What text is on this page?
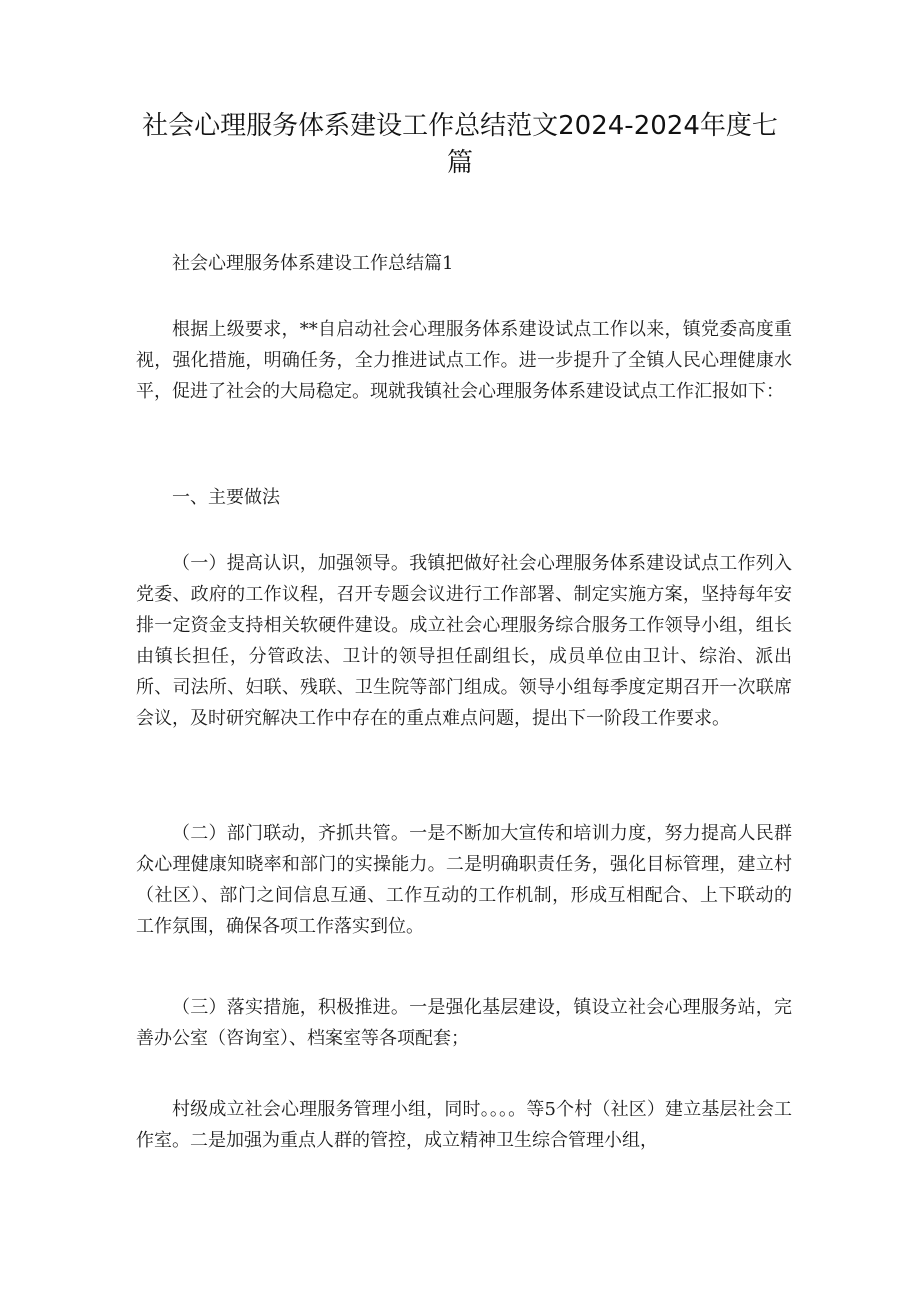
社会心理服务体系建设工作总结范文2024-2024年度七篇

社会心理服务体系建设工作总结篇1

根据上级要求，**自启动社会心理服务体系建设试点工作以来，镇党委高度重视，强化措施，明确任务，全力推进试点工作。进一步提升了全镇人民心理健康水平，促进了社会的大局稳定。现就我镇社会心理服务体系建设试点工作汇报如下：

一、主要做法

（一）提高认识，加强领导。我镇把做好社会心理服务体系建设试点工作列入党委、政府的工作议程，召开专题会议进行工作部署、制定实施方案，坚持每年安排一定资金支持相关软硬件建设。成立社会心理服务综合服务工作领导小组，组长由镇长担任，分管政法、卫计的领导担任副组长，成员单位由卫计、综治、派出所、司法所、妇联、残联、卫生院等部门组成。领导小组每季度定期召开一次联席会议，及时研究解决工作中存在的重点难点问题，提出下一阶段工作要求。

（二）部门联动，齐抓共管。一是不断加大宣传和培训力度，努力提高人民群众心理健康知晓率和部门的实操能力。二是明确职责任务，强化目标管理，建立村（社区）、部门之间信息互通、工作互动的工作机制，形成互相配合、上下联动的工作氛围，确保各项工作落实到位。

（三）落实措施，积极推进。一是强化基层建设，镇设立社会心理服务站，完善办公室（咨询室）、档案室等各项配套；

村级成立社会心理服务管理小组，同时。。。。等5个村（社区）建立基层社会工作室。二是加强为重点人群的管控，成立精神卫生综合管理小组，
